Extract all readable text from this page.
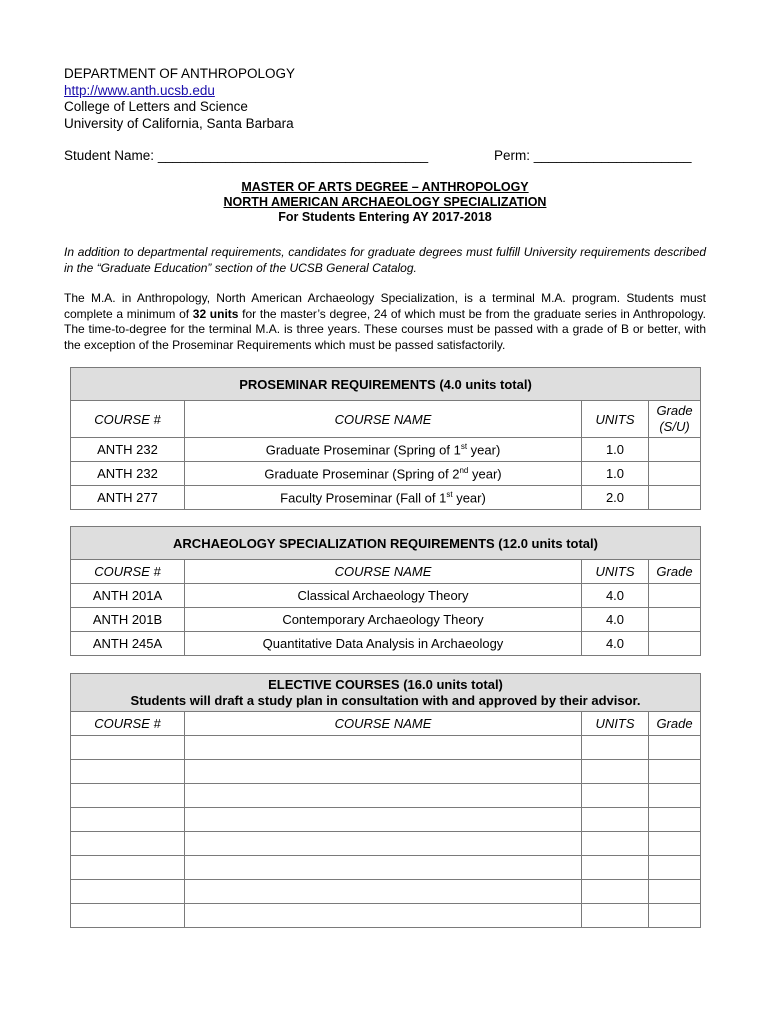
DEPARTMENT OF ANTHROPOLOGY
http://www.anth.ucsb.edu
College of Letters and Science
University of California, Santa Barbara
Student Name: ____________________________________	Perm: _____________________
MASTER OF ARTS DEGREE – ANTHROPOLOGY
NORTH AMERICAN ARCHAEOLOGY SPECIALIZATION
For Students Entering AY 2017-2018
In addition to departmental requirements, candidates for graduate degrees must fulfill University requirements described in the “Graduate Education” section of the UCSB General Catalog.
The M.A. in Anthropology, North American Archaeology Specialization, is a terminal M.A. program. Students must complete a minimum of 32 units for the master’s degree, 24 of which must be from the graduate series in Anthropology. The time-to-degree for the terminal M.A. is three years. These courses must be passed with a grade of B or better, with the exception of the Proseminar Requirements which must be passed satisfactorily.
PROSEMINAR REQUIREMENTS (4.0 units total)			
COURSE #	COURSE NAME	UNITS	Grade
(S/U)
ANTH 232	Graduate Proseminar (Spring of 1st year)	1.0	
ANTH 232	Graduate Proseminar (Spring of 2nd year)	1.0	
ANTH 277	Faculty Proseminar (Fall of 1st year)	2.0	
ARCHAEOLOGY SPECIALIZATION REQUIREMENTS (12.0 units total)			
COURSE #	COURSE NAME	UNITS	Grade
ANTH 201A	Classical Archaeology Theory	4.0	
ANTH 201B	Contemporary Archaeology Theory	4.0	
ANTH 245A	Quantitative Data Analysis in Archaeology	4.0	
ELECTIVE COURSES (16.0 units total)
Students will draft a study plan in consultation with and approved by their advisor.			

COURSE #	COURSE NAME	UNITS	Grade
